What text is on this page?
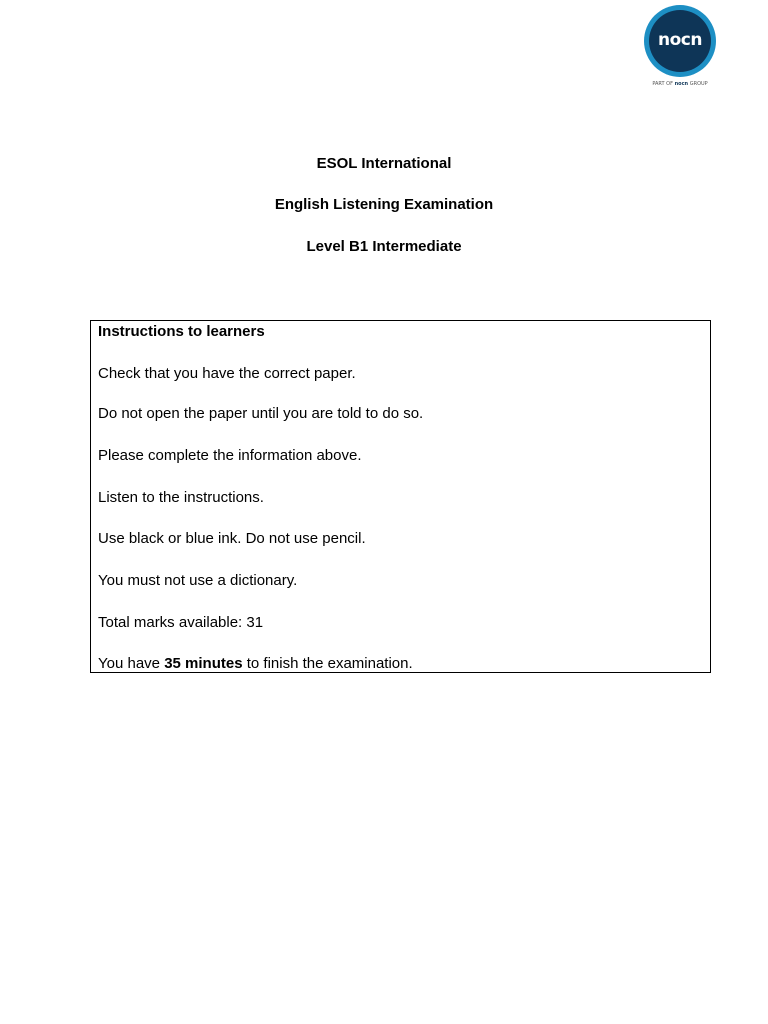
nocn
PART OF nocn GROUP
ESOL International
English Listening Examination
Level B1 Intermediate
Instructions to learners
Check that you have the correct paper.
Do not open the paper until you are told to do so.
Please complete the information above.
Listen to the instructions.
Use black or blue ink. Do not use pencil.
You must not use a dictionary.
Total marks available: 31
You have 35 minutes to finish the examination.
